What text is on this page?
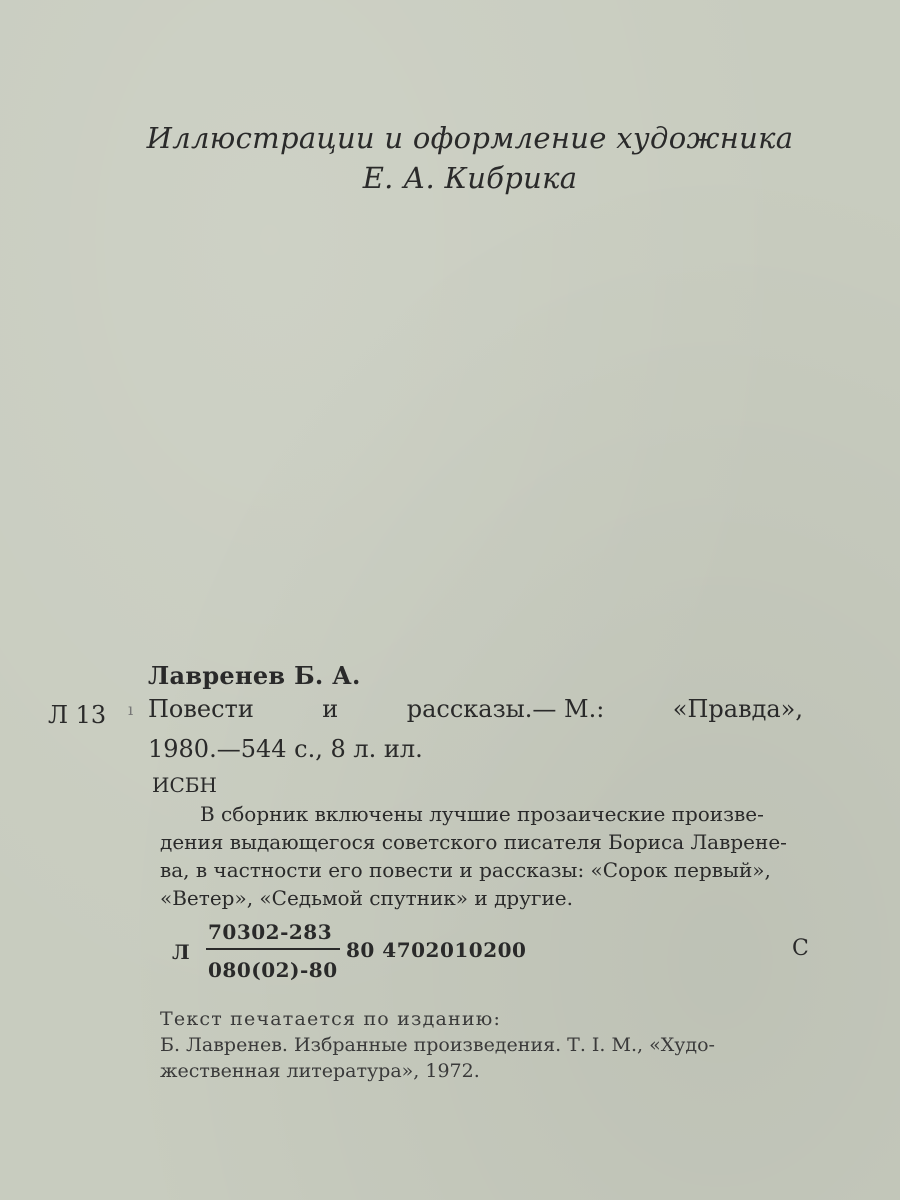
Иллюстрации и оформление художника
Е. А. Кибрика
Лавренев Б. А.
Л 13 ı Повести	и	рассказы.— М.:	«Правда»,
1980.—544 с., 8 л. ил.
ИСБН
В сборник включены лучшие прозаические произве-
дения выдающегося советского писателя Бориса Лаврене-
ва, в частности его повести и рассказы: «Сорок первый»,
«Ветер», «Седьмой спутник» и другие.
Л
70302-283
080(02)-80
80 4702010200	С
Текст печатается по изданию:
Б. Лавренев. Избранные произведения. Т. I. М., «Худо-
жественная литература», 1972.
